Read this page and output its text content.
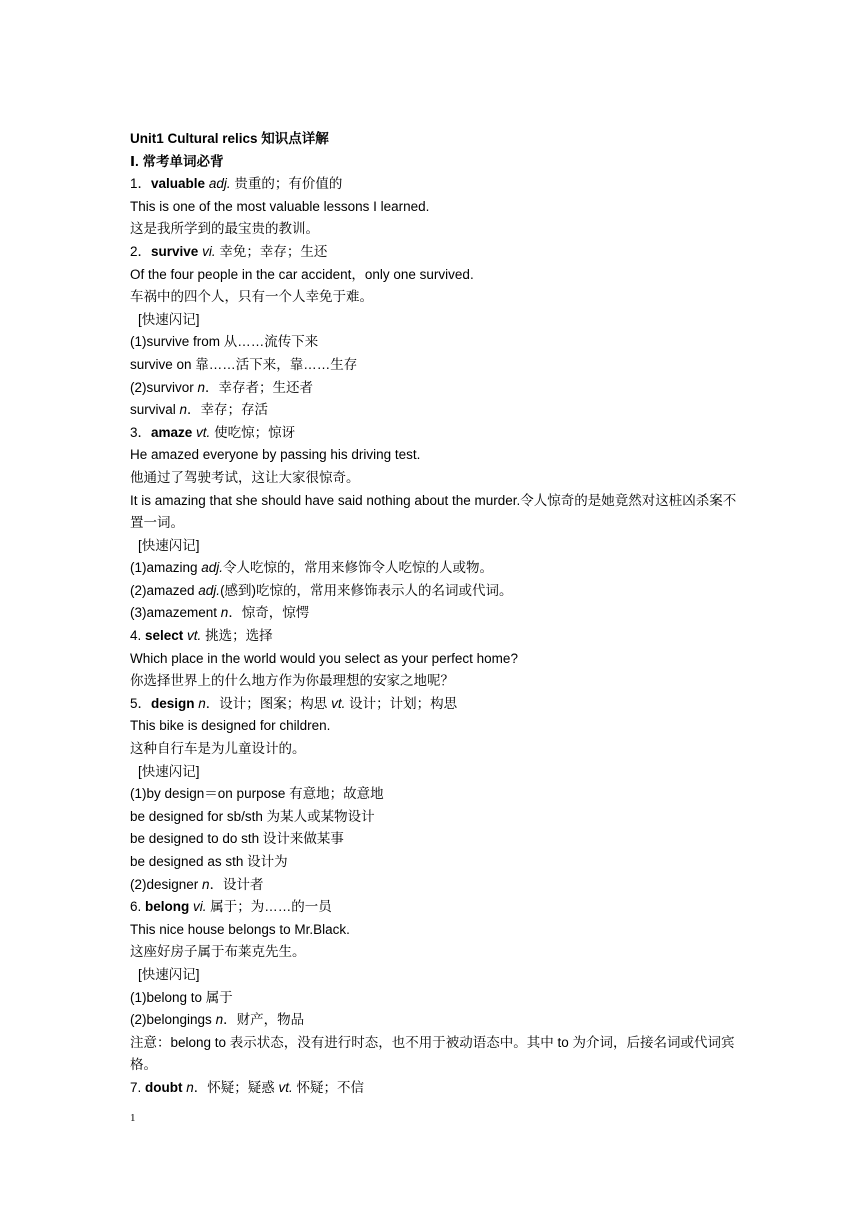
Unit1 Cultural relics 知识点详解
Ⅰ. 常考单词必背
1．valuable adj. 贵重的；有价值的
This is one of the most valuable lessons I learned.
这是我所学到的最宝贵的教训。
2．survive vi. 幸免；幸存；生还
Of the four people in the car accident，only one survived.
车祸中的四个人，只有一个人幸免于难。
[快速闪记]
(1)survive from 从……流传下来
survive on 靠……活下来，靠……生存
(2)survivor n．幸存者；生还者
survival n．幸存；存活
3．amaze vt. 使吃惊；惊讶
He amazed everyone by passing his driving test.
他通过了驾驶考试，这让大家很惊奇。
It is amazing that she should have said nothing about the murder.令人惊奇的是她竟然对这桩凶杀案不置一词。
[快速闪记]
(1)amazing adj.令人吃惊的，常用来修饰令人吃惊的人或物。
(2)amazed adj.(感到)吃惊的，常用来修饰表示人的名词或代词。
(3)amazement n．惊奇，惊愕
4. select vt. 挑选；选择
Which place in the world would you select as your perfect home?
你选择世界上的什么地方作为你最理想的安家之地呢？
5．design n．设计；图案；构思 vt. 设计；计划；构思
This bike is designed for children.
这种自行车是为儿童设计的。
[快速闪记]
(1)by design＝on purpose 有意地；故意地
be designed for sb/sth 为某人或某物设计
be designed to do sth 设计来做某事
be designed as sth 设计为
(2)designer n．设计者
6. belong vi. 属于；为……的一员
This nice house belongs to Mr.Black.
这座好房子属于布莱克先生。
[快速闪记]
(1)belong to 属于
(2)belongings n．财产，物品
注意：belong to 表示状态，没有进行时态，也不用于被动语态中。其中 to 为介词，后接名词或代词宾格。
7. doubt n．怀疑；疑惑 vt. 怀疑；不信
1
